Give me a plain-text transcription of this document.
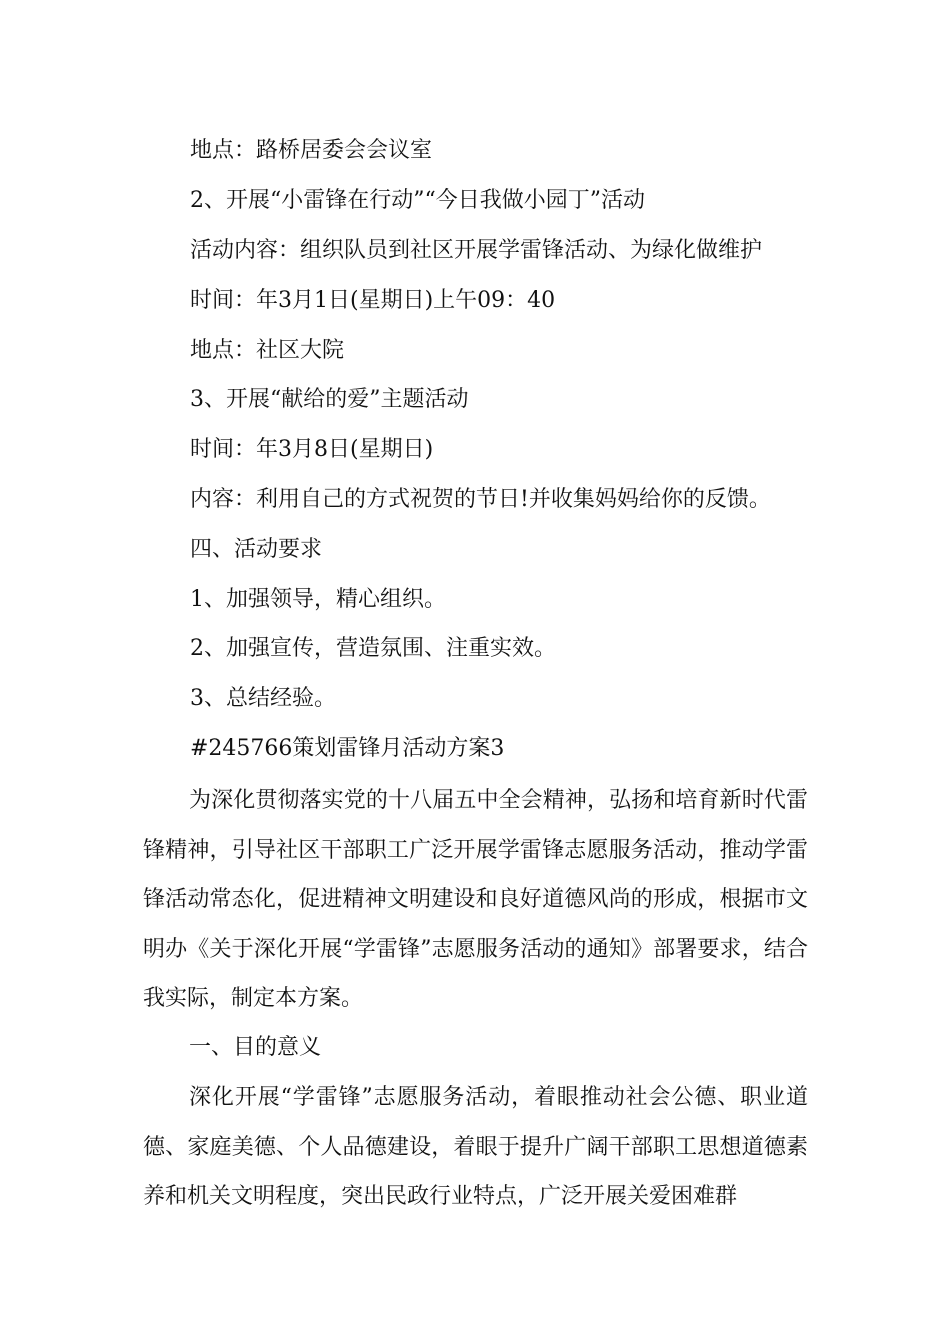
地点：路桥居委会会议室
2、开展“小雷锋在行动”“今日我做小园丁”活动
活动内容：组织队员到社区开展学雷锋活动、为绿化做维护
时间：年3月1日(星期日)上午09：40
地点：社区大院
3、开展“献给的爱”主题活动
时间：年3月8日(星期日)
内容：利用自己的方式祝贺的节日!并收集妈妈给你的反馈。
四、活动要求
1、加强领导，精心组织。
2、加强宣传，营造氛围、注重实效。
3、总结经验。
#245766策划雷锋月活动方案3
为深化贯彻落实党的十八届五中全会精神，弘扬和培育新时代雷锋精神，引导社区干部职工广泛开展学雷锋志愿服务活动，推动学雷锋活动常态化，促进精神文明建设和良好道德风尚的形成，根据市文明办《关于深化开展“学雷锋”志愿服务活动的通知》部署要求，结合我实际，制定本方案。
一、目的意义
深化开展“学雷锋”志愿服务活动，着眼推动社会公德、职业道德、家庭美德、个人品德建设，着眼于提升广阔干部职工思想道德素养和机关文明程度，突出民政行业特点，广泛开展关爱困难群
